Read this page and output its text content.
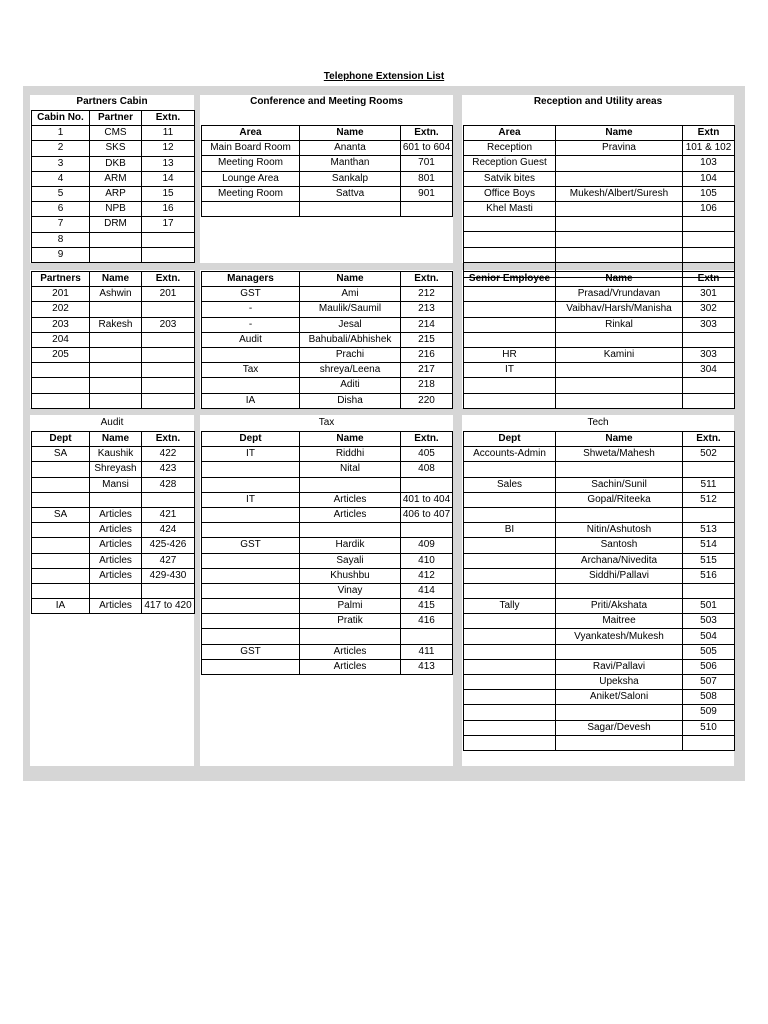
Telephone Extension List
Partners Cabin	Conference and Meeting Rooms	Reception and Utility areas
Audit	Tax	Tech
Cabin No.	Partner	Extn.
1	CMS	11
2	SKS	12
3	DKB	13
4	ARM	14
5	ARP	15
6	NPB	16
7	DRM	17
8		
9		
Area	Name	Extn.
Main Board Room	Ananta	601 to 604
Meeting Room	Manthan	701
Lounge Area	Sankalp	801
Meeting Room	Sattva	901

Area	Name	Extn
Reception	Pravina	101 & 102
Reception Guest		103
Satvik bites		104
Office Boys	Mukesh/Albert/Suresh	105
Khel Masti		106

Partners	Name	Extn.
201	Ashwin	201
202		
203	Rakesh	203
204		
205		

Managers	Name	Extn.
GST	Ami	212
-	Maulik/Saumil	213
-	Jesal	214
Audit	Bahubali/Abhishek	215
	Prachi	216
Tax	shreya/Leena	217
	Aditi	218
IA	Disha	220
Senior Employee	Name	Extn
	Prasad/Vrundavan	301
	Vaibhav/Harsh/Manisha	302
	Rinkal	303

HR	Kamini	303
IT		304

Dept	Name	Extn.
SA	Kaushik	422
	Shreyash	423
	Mansi	428

SA	Articles	421
	Articles	424
	Articles	425-426
	Articles	427
	Articles	429-430

IA	Articles	417 to 420
Dept	Name	Extn.
IT	Riddhi	405
	Nital	408

IT	Articles	401 to 404
	Articles	406 to 407

GST	Hardik	409
	Sayali	410
	Khushbu	412
	Vinay	414
	Palmi	415
	Pratik	416

GST	Articles	411
	Articles	413
Dept	Name	Extn.
Accounts-Admin	Shweta/Mahesh	502

Sales	Sachin/Sunil	511
	Gopal/Riteeka	512

BI	Nitin/Ashutosh	513
	Santosh	514
	Archana/Nivedita	515
	Siddhi/Pallavi	516

Tally	Priti/Akshata	501
	Maitree	503
	Vyankatesh/Mukesh	504
		505
	Ravi/Pallavi	506
	Upeksha	507
	Aniket/Saloni	508
		509
	Sagar/Devesh	510
